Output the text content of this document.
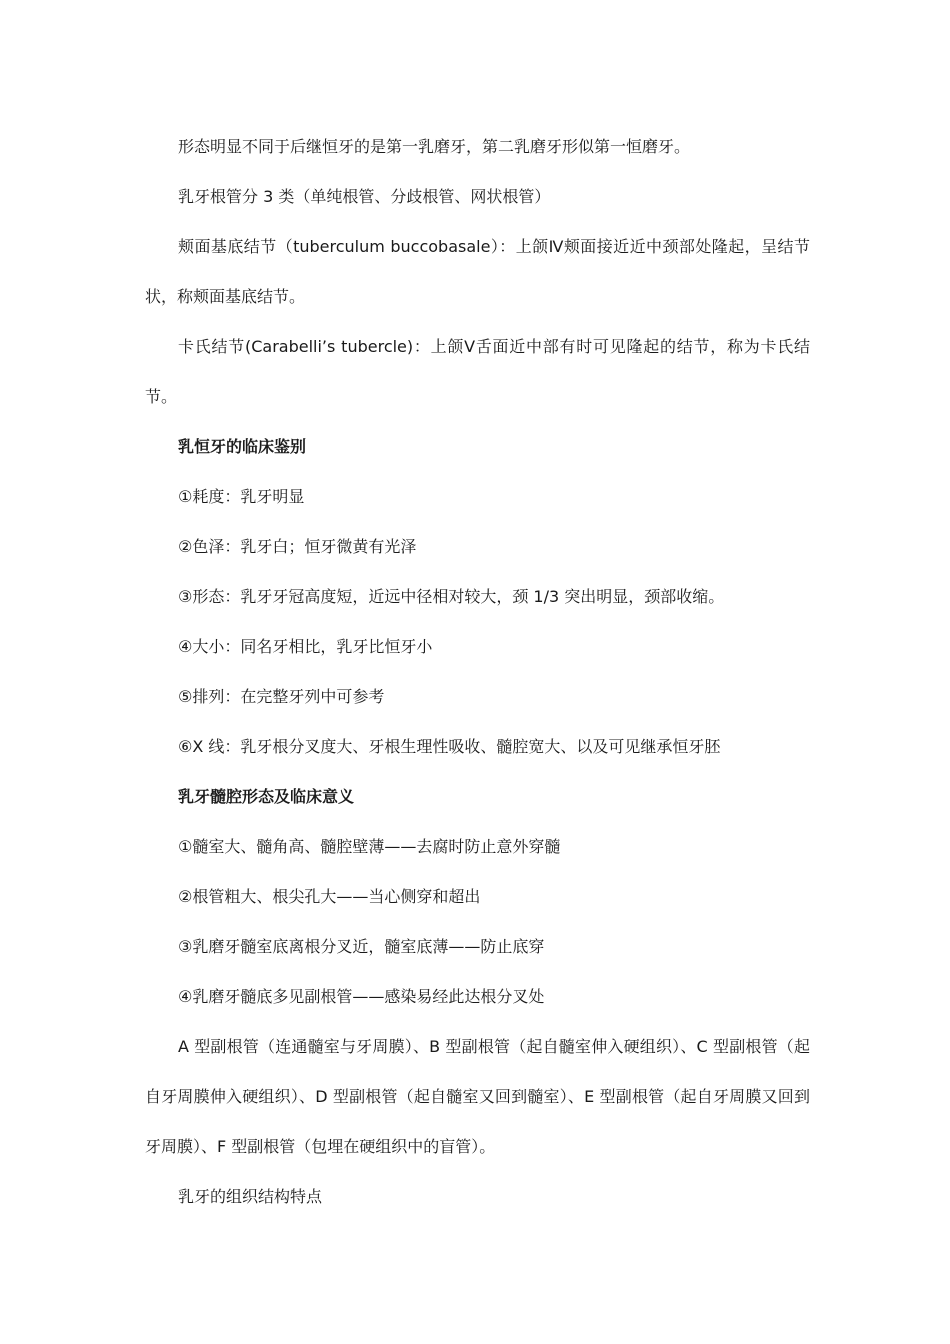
形态明显不同于后继恒牙的是第一乳磨牙，第二乳磨牙形似第一恒磨牙。

乳牙根管分 3 类（单纯根管、分歧根管、网状根管）

颊面基底结节（tuberculum buccobasale）：上颌Ⅳ颊面接近近中颈部处隆起，呈结节状，称颊面基底结节。

卡氏结节(Carabelli’s tubercle)：上颌Ⅴ舌面近中部有时可见隆起的结节，称为卡氏结节。

乳恒牙的临床鉴别

①耗度：乳牙明显

②色泽：乳牙白；恒牙微黄有光泽

③形态：乳牙牙冠高度短，近远中径相对较大，颈 1/3 突出明显，颈部收缩。

④大小：同名牙相比，乳牙比恒牙小

⑤排列：在完整牙列中可参考

⑥X 线：乳牙根分叉度大、牙根生理性吸收、髓腔宽大、以及可见继承恒牙胚

乳牙髓腔形态及临床意义

①髓室大、髓角高、髓腔壁薄——去腐时防止意外穿髓

②根管粗大、根尖孔大——当心侧穿和超出

③乳磨牙髓室底离根分叉近，髓室底薄——防止底穿

④乳磨牙髓底多见副根管——感染易经此达根分叉处

A 型副根管（连通髓室与牙周膜）、B 型副根管（起自髓室伸入硬组织）、C 型副根管（起自牙周膜伸入硬组织）、D 型副根管（起自髓室又回到髓室）、E 型副根管（起自牙周膜又回到牙周膜）、F 型副根管（包埋在硬组织中的盲管）。

乳牙的组织结构特点
